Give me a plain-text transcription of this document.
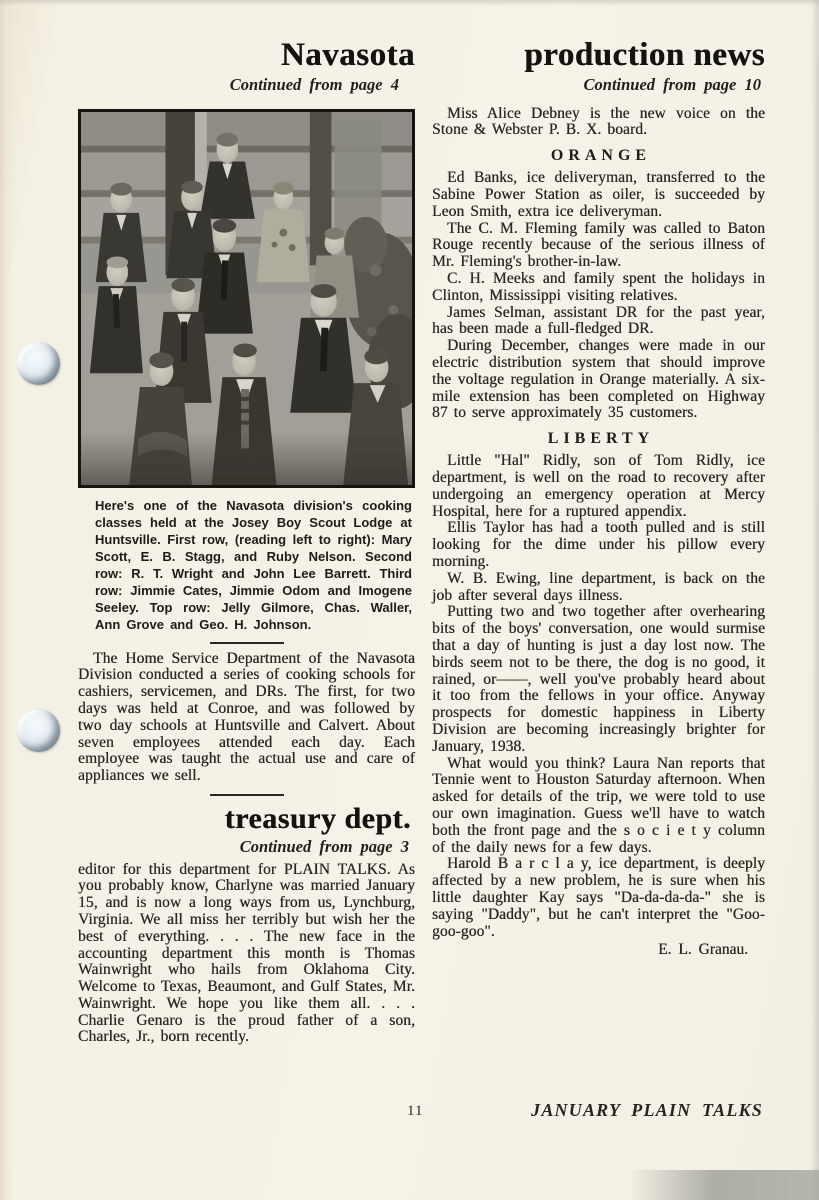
Navasota
Continued from page 4
Here's one of the Navasota division's cooking classes held at the Josey Boy Scout Lodge at Huntsville. First row, (reading left to right): Mary Scott, E. B. Stagg, and Ruby Nelson. Second row: R. T. Wright and John Lee Barrett. Third row: Jimmie Cates, Jimmie Odom and Imogene Seeley. Top row: Jelly Gilmore, Chas. Waller, Ann Grove and Geo. H. Johnson.

The Home Service Department of the Navasota Division conducted a series of cooking schools for cashiers, servicemen, and DRs. The first, for two days was held at Conroe, and was followed by two day schools at Huntsville and Calvert. About seven employees attended each day. Each employee was taught the actual use and care of appliances we sell.

treasury dept.
Continued from page 3

editor for this department for PLAIN TALKS. As you probably know, Charlyne was married January 15, and is now a long ways from us, Lynchburg, Virginia. We all miss her terribly but wish her the best of everything. . . . The new face in the accounting department this month is Thomas Wainwright who hails from Oklahoma City. Welcome to Texas, Beaumont, and Gulf States, Mr. Wainwright. We hope you like them all. . . . Charlie Genaro is the proud father of a son, Charles, Jr., born recently.

production news
Continued from page 10

Miss Alice Debney is the new voice on the Stone & Webster P. B. X. board.

ORANGE

Ed Banks, ice deliveryman, transferred to the Sabine Power Station as oiler, is succeeded by Leon Smith, extra ice deliveryman.

The C. M. Fleming family was called to Baton Rouge recently because of the serious illness of Mr. Fleming's brother-in-law.

C. H. Meeks and family spent the holidays in Clinton, Mississippi visiting relatives.

James Selman, assistant DR for the past year, has been made a full-fledged DR.

During December, changes were made in our electric distribution system that should improve the voltage regulation in Orange materially. A six-mile extension has been completed on Highway 87 to serve approximately 35 customers.

LIBERTY

Little "Hal" Ridly, son of Tom Ridly, ice department, is well on the road to recovery after undergoing an emergency operation at Mercy Hospital, here for a ruptured appendix.

Ellis Taylor has had a tooth pulled and is still looking for the dime under his pillow every morning.

W. B. Ewing, line department, is back on the job after several days illness.

Putting two and two together after overhearing bits of the boys' conversation, one would surmise that a day of hunting is just a day lost now. The birds seem not to be there, the dog is no good, it rained, or——, well you've probably heard about it too from the fellows in your office. Anyway prospects for domestic happiness in Liberty Division are becoming increasingly brighter for January, 1938.

What would you think? Laura Nan reports that Tennie went to Houston Saturday afternoon. When asked for details of the trip, we were told to use our own imagination. Guess we'll have to watch both the front page and the s o c i e t y column of the daily news for a few days.

Harold B a r c l a y, ice department, is deeply affected by a new problem, he is sure when his little daughter Kay says "Da-da-da-da-" she is saying "Daddy", but he can't interpret the "Goo-goo-goo".

E. L. Granau.

11	JANUARY PLAIN TALKS
